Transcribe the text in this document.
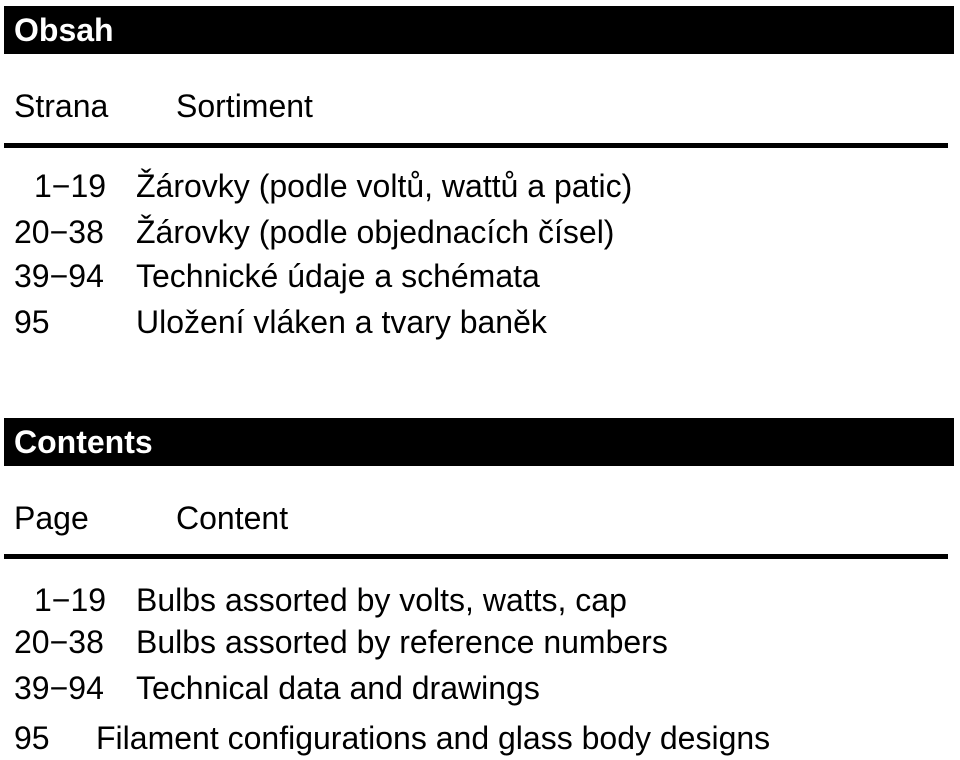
Obsah
Strana Sortiment
1−19 Žárovky (podle voltů, wattů a patic)
20−38 Žárovky (podle objednacích čísel)
39−94 Technické údaje a schémata
95	Uložení vláken a tvary baněk
Contents
Page	Content
1−19 Bulbs assorted by volts, watts, cap
20−38 Bulbs assorted by reference numbers
39−94 Technical data and drawings
95 Filament configurations and glass body designs
